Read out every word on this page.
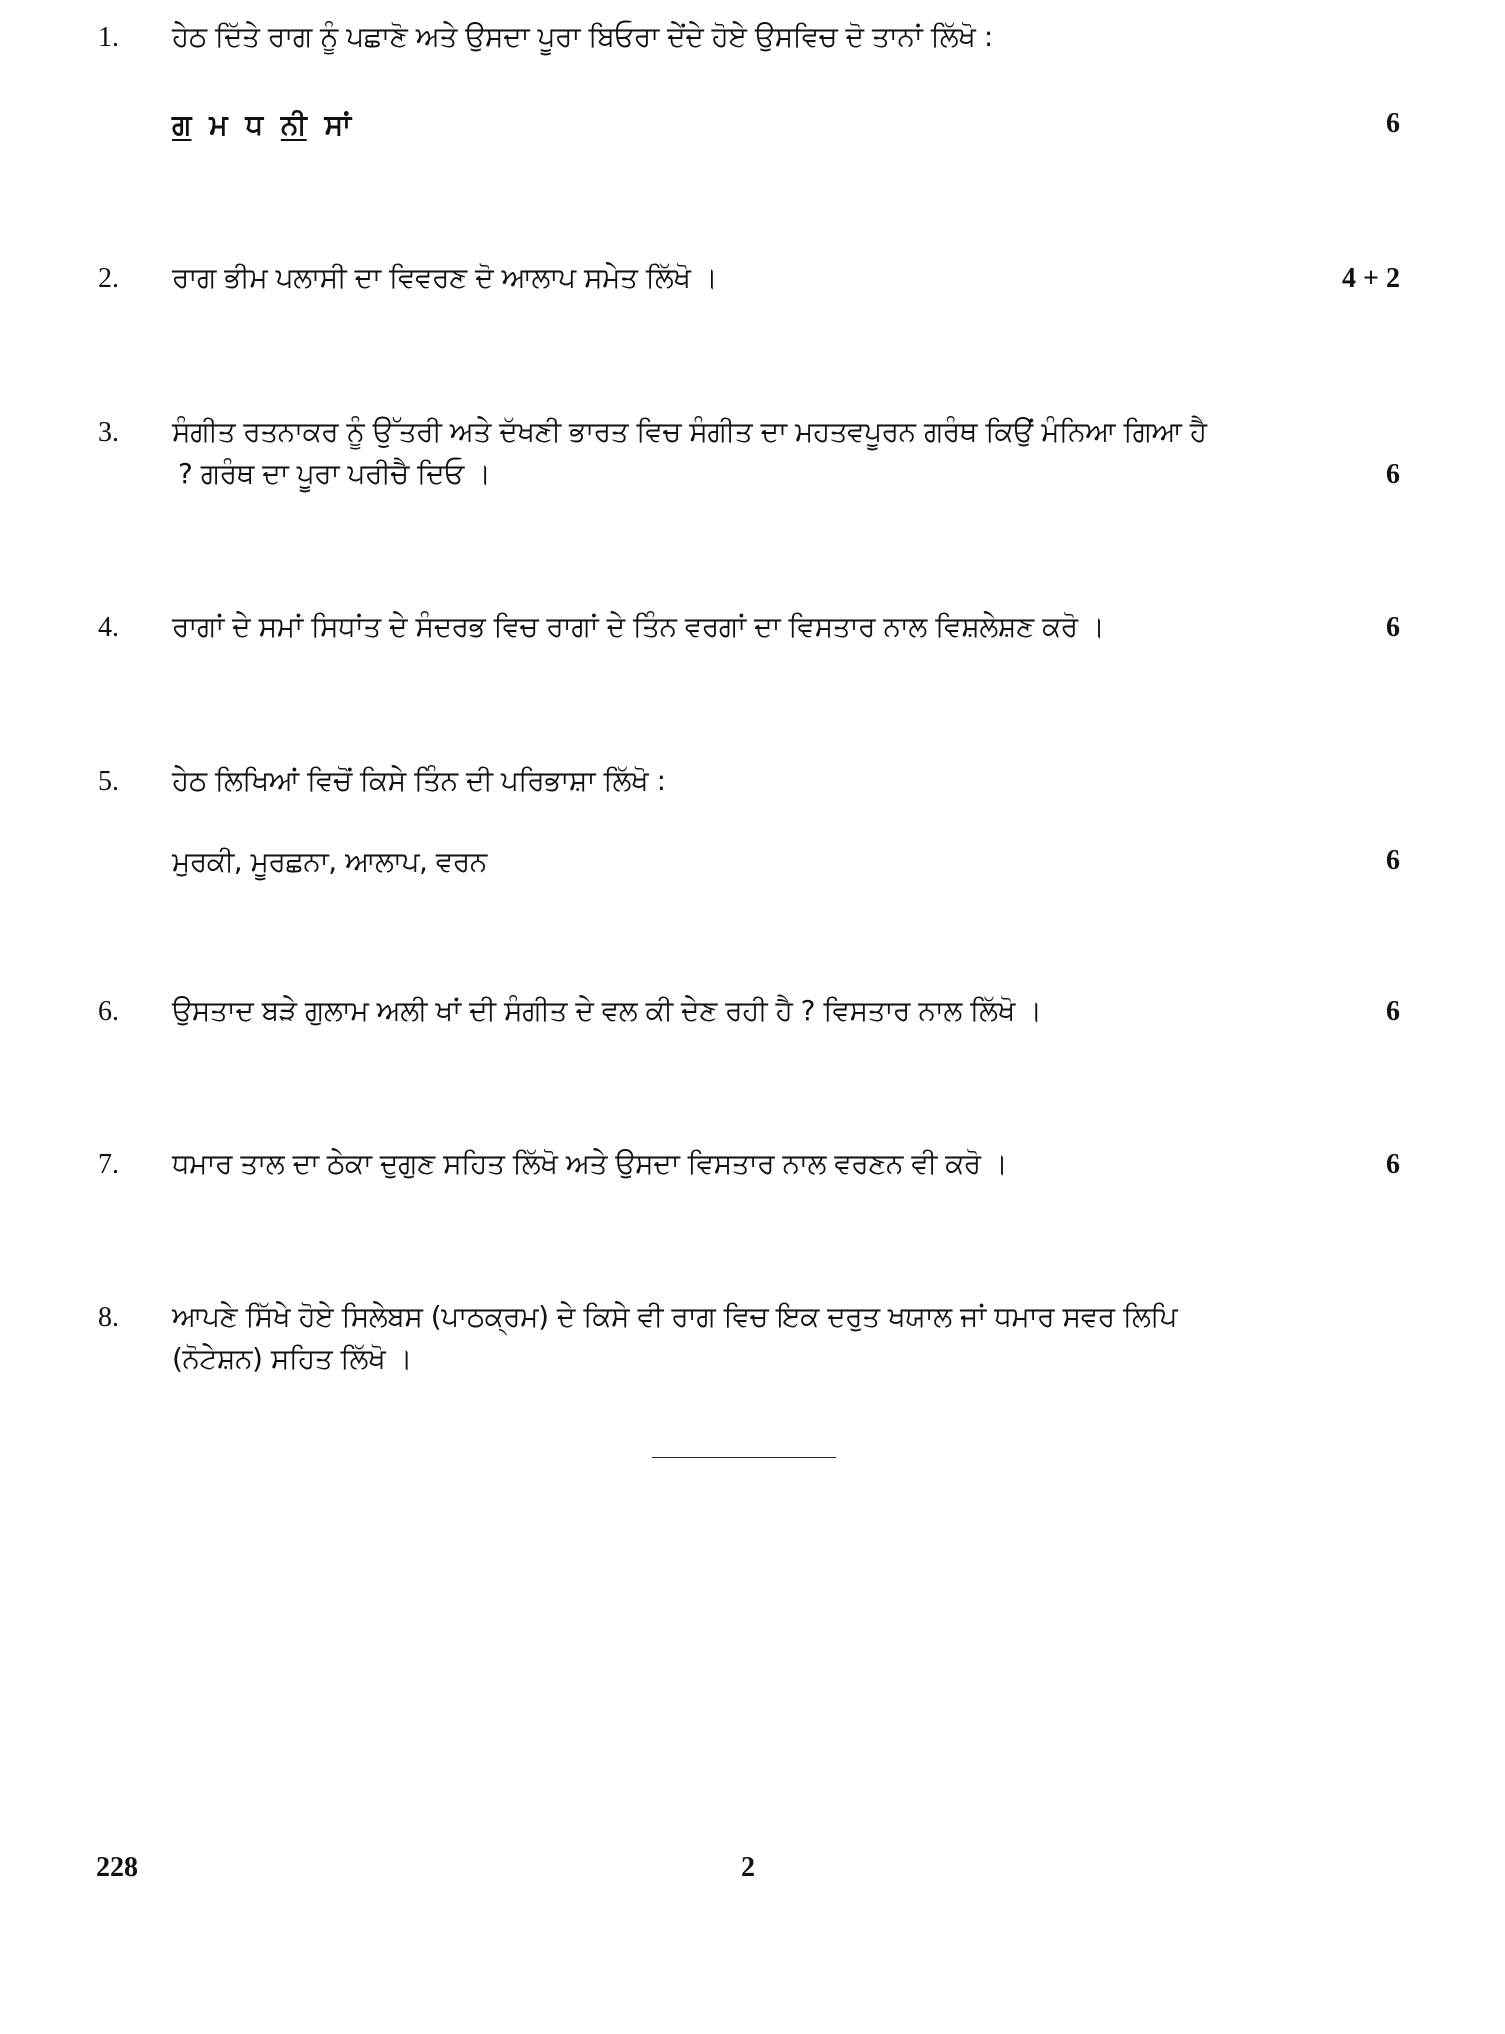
1. ਹੇਠ ਦਿੱਤੇ ਰਾਗ ਨੂੰ ਪਛਾਣੋ ਅਤੇ ਉਸਦਾ ਪੂਰਾ ਬਿਓਰਾ ਦੇਂਦੇ ਹੋਏ ਉਸਵਿਚ ਦੋ ਤਾਨਾਂ ਲਿੱਖੋ :
ਗ ਮ ਧ ਨੀ ਸਾਂ	6
2. ਰਾਗ ਭੀਮ ਪਲਾਸੀ ਦਾ ਵਿਵਰਣ ਦੋ ਆਲਾਪ ਸਮੇਤ ਲਿੱਖੋ ।	4 + 2
3. ਸੰਗੀਤ ਰਤਨਾਕਰ ਨੂੰ ਉੱਤਰੀ ਅਤੇ ਦੱਖਣੀ ਭਾਰਤ ਵਿਚ ਸੰਗੀਤ ਦਾ ਮਹਤਵਪੂਰਨ ਗਰੰਥ ਕਿਉਂ ਮੰਨਿਆ ਗਿਆ ਹੈ
? ਗਰੰਥ ਦਾ ਪੂਰਾ ਪਰੀਚੈ ਦਿਓ ।	6
4. ਰਾਗਾਂ ਦੇ ਸਮਾਂ ਸਿਧਾਂਤ ਦੇ ਸੰਦਰਭ ਵਿਚ ਰਾਗਾਂ ਦੇ ਤਿੰਨ ਵਰਗਾਂ ਦਾ ਵਿਸਤਾਰ ਨਾਲ ਵਿਸ਼ਲੇਸ਼ਣ ਕਰੋ ।	6
5. ਹੇਠ ਲਿਖਿਆਂ ਵਿਚੋਂ ਕਿਸੇ ਤਿੰਨ ਦੀ ਪਰਿਭਾਸ਼ਾ ਲਿੱਖੋ :
ਮੁਰਕੀ, ਮੂਰਛਨਾ, ਆਲਾਪ, ਵਰਨ	6
6. ਉਸਤਾਦ ਬੜੇ ਗੁਲਾਮ ਅਲੀ ਖਾਂ ਦੀ ਸੰਗੀਤ ਦੇ ਵਲ ਕੀ ਦੇਣ ਰਹੀ ਹੈ ? ਵਿਸਤਾਰ ਨਾਲ ਲਿੱਖੋ ।	6
7. ਧਮਾਰ ਤਾਲ ਦਾ ਠੇਕਾ ਦੁਗੁਣ ਸਹਿਤ ਲਿੱਖੋ ਅਤੇ ਉਸਦਾ ਵਿਸਤਾਰ ਨਾਲ ਵਰਣਨ ਵੀ ਕਰੋ ।	6
8. ਆਪਣੇ ਸਿੱਖੇ ਹੋਏ ਸਿਲੇਬਸ (ਪਾਠਕ੍ਰਮ) ਦੇ ਕਿਸੇ ਵੀ ਰਾਗ ਵਿਚ ਇਕ ਦਰੁਤ ਖਯਾਲ ਜਾਂ ਧਮਾਰ ਸਵਰ ਲਿਪਿ
(ਨੋਟੇਸ਼ਨ) ਸਹਿਤ ਲਿੱਖੋ ।
228	2
